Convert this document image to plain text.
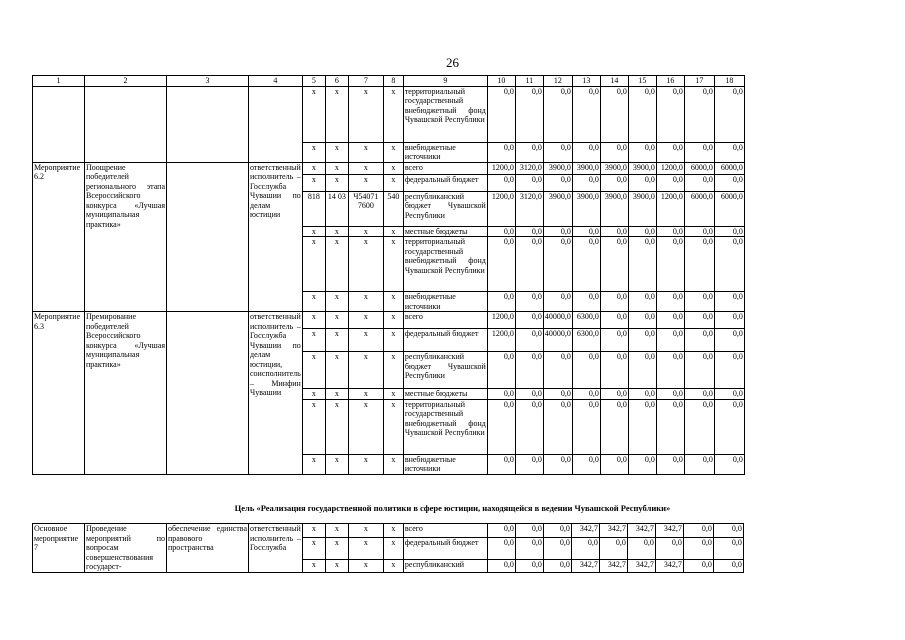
26
1	2	3	4	5	6	7	8	9	10	11	12	13	14	15	16	17	18
				x	x	x	x	территориальный государственный внебюджетный фонд Чувашской Республики	0,0	0,0	0,0	0,0	0,0	0,0	0,0	0,0	0,0
				x	x	x	x	внебюджетные источники	0,0	0,0	0,0	0,0	0,0	0,0	0,0	0,0	0,0
Мероприятие 6.2	Поощрение победителей регионального этапа Всероссийского конкурса «Лучшая муниципальная практика»		ответственный исполнитель – Госслужба Чувашии по делам юстиции	x	x	x	x	всего	1200,0	3120,0	3900,0	3900,0	3900,0	3900,0	1200,0	6000,0	6000,0
				x	x	x	x	федеральный бюджет	0,0	0,0	0,0	0,0	0,0	0,0	0,0	0,0	0,0
				818	14 03	Ч54071 7600	540	республиканский бюджет Чувашской Республики	1200,0	3120,0	3900,0	3900,0	3900,0	3900,0	1200,0	6000,0	6000,0
				x	x	x	x	местные бюджеты	0,0	0,0	0,0	0,0	0,0	0,0	0,0	0,0	0,0
				x	x	x	x	территориальный государственный внебюджетный фонд Чувашской Республики	0,0	0,0	0,0	0,0	0,0	0,0	0,0	0,0	0,0
				x	x	x	x	внебюджетные источники	0,0	0,0	0,0	0,0	0,0	0,0	0,0	0,0	0,0
Мероприятие 6.3	Премирование победителей Всероссийского конкурса «Лучшая муниципальная практика»		ответственный исполнитель – Госслужба Чувашии по делам юстиции, соисполнитель – Минфин Чувашии	x	x	x	x	всего	1200,0	0,0	40000,0	6300,0	0,0	0,0	0,0	0,0	0,0
				x	x	x	x	федеральный бюджет	1200,0	0,0	40000,0	6300,0	0,0	0,0	0,0	0,0	0,0
				x	x	x	x	республиканский бюджет Чувашской Республики	0,0	0,0	0,0	0,0	0,0	0,0	0,0	0,0	0,0
				x	x	x	x	местные бюджеты	0,0	0,0	0,0	0,0	0,0	0,0	0,0	0,0	0,0
				x	x	x	x	территориальный государственный внебюджетный фонд Чувашской Республики	0,0	0,0	0,0	0,0	0,0	0,0	0,0	0,0	0,0
				x	x	x	x	внебюджетные источники	0,0	0,0	0,0	0,0	0,0	0,0	0,0	0,0	0,0
Цель «Реализация государственной политики в сфере юстиции, находящейся в ведении Чувашской Республики»
Основное мероприятие 7	Проведение мероприятий по вопросам совершенствования государст-	обеспечение единства правового пространства	ответственный исполнитель – Госслужба	x	x	x	x	всего	0,0	0,0	0,0	342,7	342,7	342,7	342,7	0,0	0,0
				x	x	x	x	федеральный бюджет	0,0	0,0	0,0	0,0	0,0	0,0	0,0	0,0	0,0
				x	x	x	x	республиканский	0,0	0,0	0,0	342,7	342,7	342,7	342,7	0,0	0,0
